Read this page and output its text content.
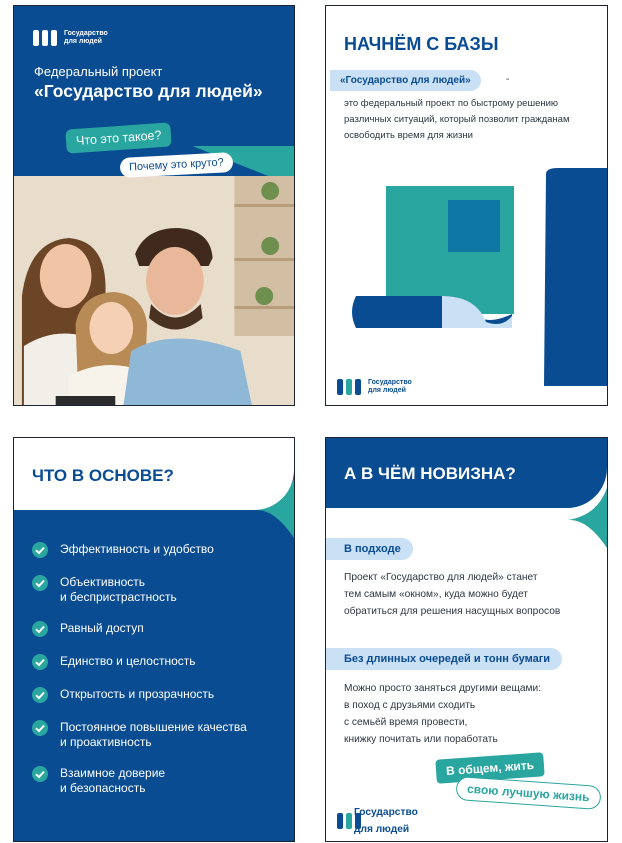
Государство
для людей
Федеральный проект
«Государство для людей»
Что это такое?
Почему это круто?
НАЧНЁМ С БАЗЫ
«Государство для людей»	-
это федеральный проект по быстрому решению различных ситуаций, который позволит гражданам освободить время для жизни
Государство
для людей
ЧТО В ОСНОВЕ?
Эффективность и удобство
Объективность
и беспристрастность
Равный доступ
Единство и целостность
Открытость и прозрачность
Постоянное повышение качества
и проактивность
Взаимное доверие
и безопасность
А В ЧЁМ НОВИЗНА?
В подходе
Проект «Государство для людей» станет
тем самым «окном», куда можно будет
обратиться для решения насущных вопросов
Без длинных очередей и тонн бумаги
Можно просто заняться другими вещами:
в поход с друзьями сходить
с семьёй время провести,
книжку почитать или поработать
В общем, жить
свою лучшую жизнь
Государство
для людей
